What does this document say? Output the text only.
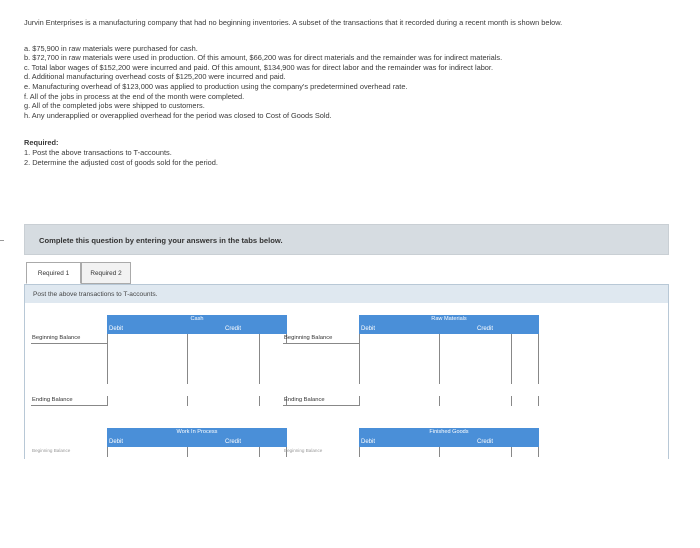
Jurvin Enterprises is a manufacturing company that had no beginning inventories. A subset of the transactions that it recorded during a recent month is shown below.

a. $75,900 in raw materials were purchased for cash.

b. $72,700 in raw materials were used in production. Of this amount, $66,200 was for direct materials and the remainder was for indirect materials.

c. Total labor wages of $152,200 were incurred and paid. Of this amount, $134,900 was for direct labor and the remainder was for indirect labor.

d. Additional manufacturing overhead costs of $125,200 were incurred and paid.

e. Manufacturing overhead of $123,000 was applied to production using the company's predetermined overhead rate.

f. All of the jobs in process at the end of the month were completed.

g. All of the completed jobs were shipped to customers.

h. Any underapplied or overapplied overhead for the period was closed to Cost of Goods Sold.

Required:

1. Post the above transactions to T-accounts.

2. Determine the adjusted cost of goods sold for the period.

Complete this question by entering your answers in the tabs below.
Required 1	Required 2
Post the above transactions to T-accounts.
Cash
Debit	Credit
Beginning Balance
Ending Balance
Raw Materials
Debit	Credit
Beginning Balance
Ending Balance
Work In Process
Debit	Credit
Beginning Balance
Finished Goods
Debit	Credit
Beginning Balance
